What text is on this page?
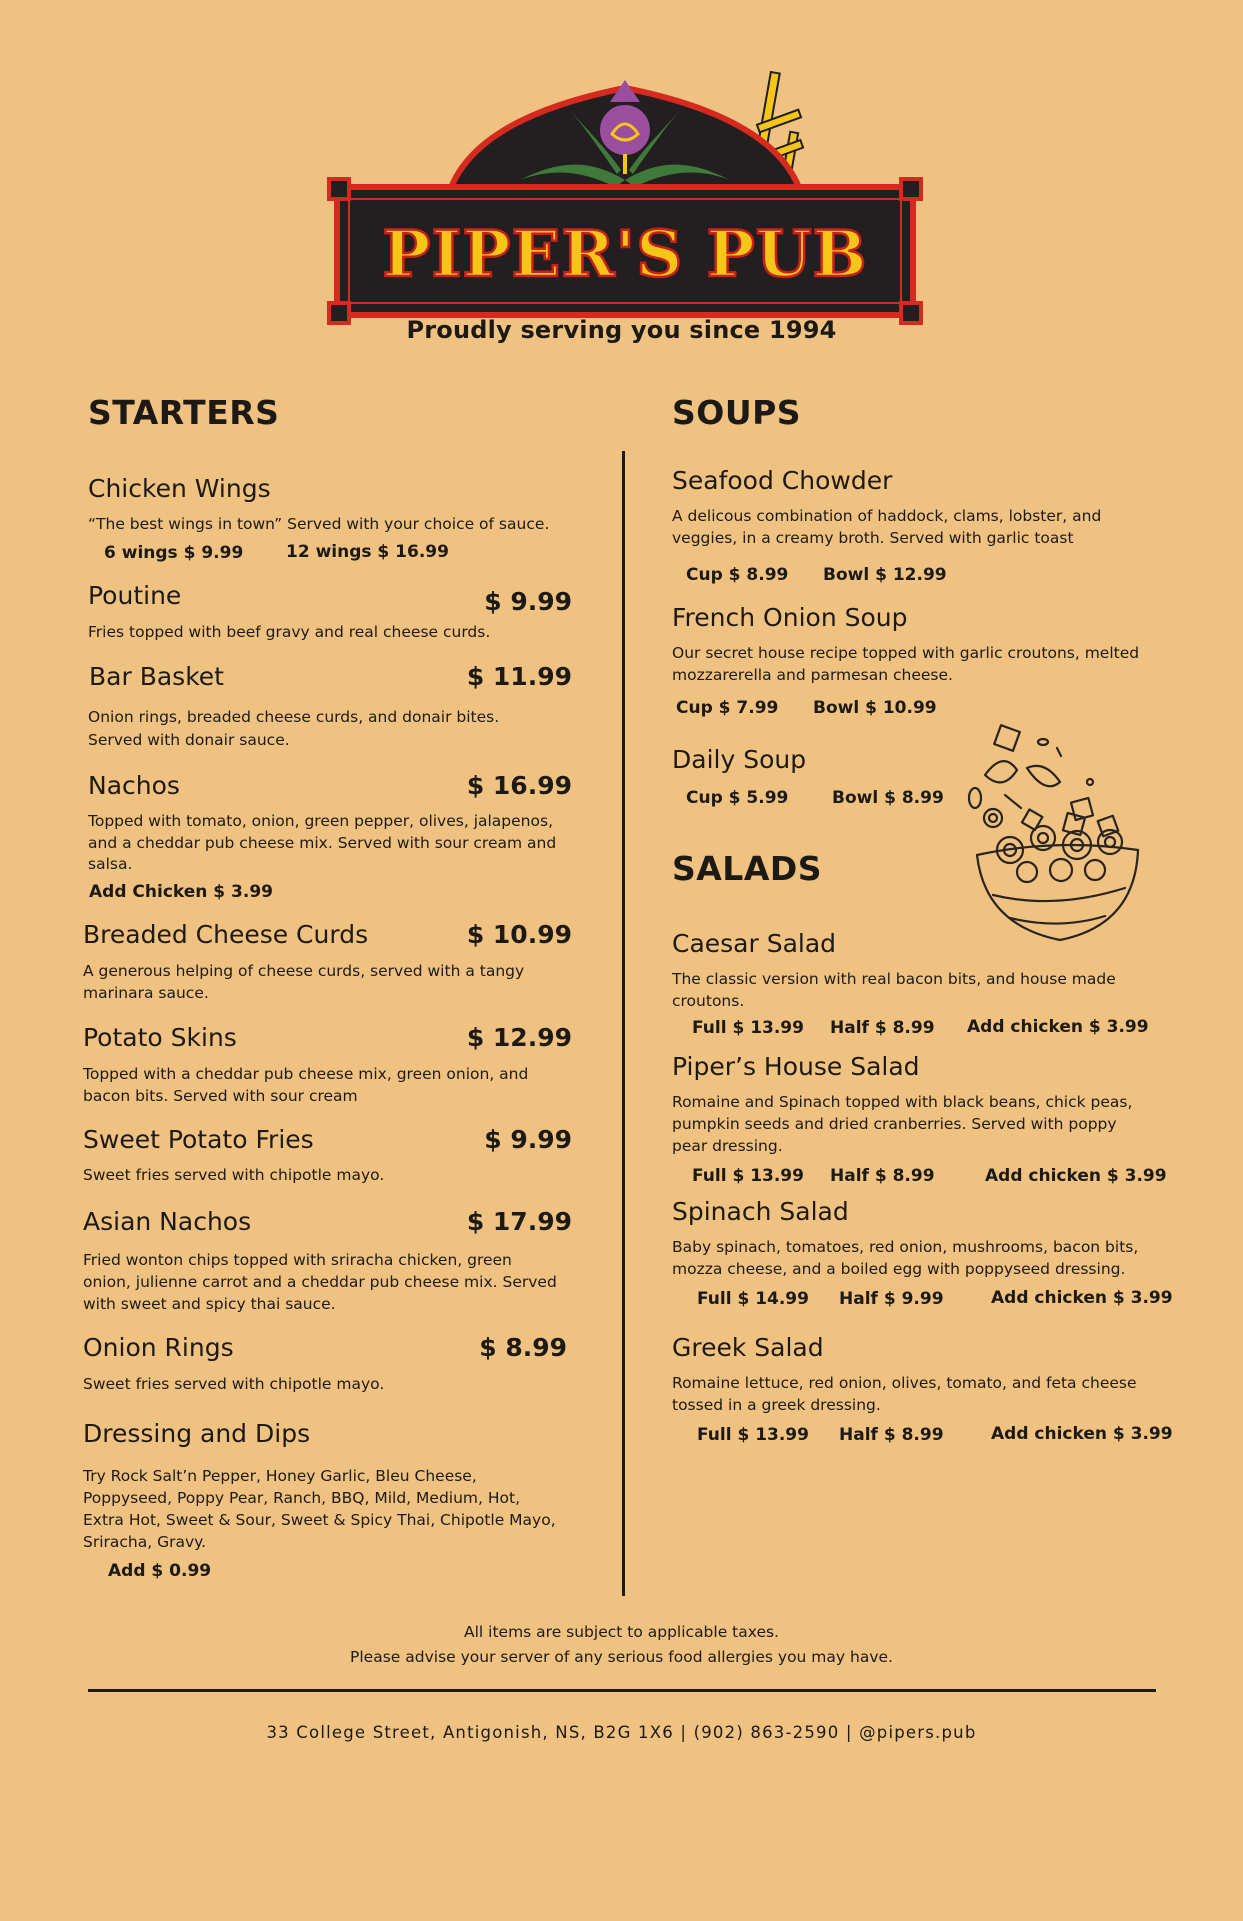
PIPER'S PUB
Proudly serving you since 1994
STARTERS	SOUPS
SALADS
Chicken Wings
“The best wings in town” Served with your choice of sauce.
6 wings $ 9.99	12 wings $ 16.99
Poutine	$ 9.99
Fries topped with beef gravy and real cheese curds.
Bar Basket	$ 11.99
Onion rings, breaded cheese curds, and donair bites.
Served with donair sauce.
Nachos	$ 16.99
Topped with tomato, onion, green pepper, olives, jalapenos,
and a cheddar pub cheese mix. Served with sour cream and
salsa.
Add Chicken $ 3.99
Breaded Cheese Curds	$ 10.99
A generous helping of cheese curds, served with a tangy
marinara sauce.
Potato Skins	$ 12.99
Topped with a cheddar pub cheese mix, green onion, and
bacon bits. Served with sour cream
Sweet Potato Fries	$ 9.99
Sweet fries served with chipotle mayo.
Asian Nachos	$ 17.99
Fried wonton chips topped with sriracha chicken, green
onion, julienne carrot and a cheddar pub cheese mix. Served
with sweet and spicy thai sauce.
Onion Rings	$ 8.99
Sweet fries served with chipotle mayo.
Dressing and Dips
Try Rock Salt’n Pepper, Honey Garlic, Bleu Cheese,
Poppyseed, Poppy Pear, Ranch, BBQ, Mild, Medium, Hot,
Extra Hot, Sweet & Sour, Sweet & Spicy Thai, Chipotle Mayo,
Sriracha, Gravy.
Add $ 0.99
Seafood Chowder
A delicous combination of haddock, clams, lobster, and
veggies, in a creamy broth. Served with garlic toast
Cup $ 8.99 Bowl $ 12.99
French Onion Soup
Our secret house recipe topped with garlic croutons, melted
mozzarerella and parmesan cheese.
Cup $ 7.99 Bowl $ 10.99
Daily Soup
Cup $ 5.99	Bowl $ 8.99
Caesar Salad
The classic version with real bacon bits, and house made
croutons.
Full $ 13.99 Half $ 8.99 Add chicken $ 3.99
Piper’s House Salad
Romaine and Spinach topped with black beans, chick peas,
pumpkin seeds and dried cranberries. Served with poppy
pear dressing.
Full $ 13.99 Half $ 8.99	Add chicken $ 3.99
Spinach Salad
Baby spinach, tomatoes, red onion, mushrooms, bacon bits,
mozza cheese, and a boiled egg with poppyseed dressing.
Full $ 14.99 Half $ 9.99	Add chicken $ 3.99
Greek Salad
Romaine lettuce, red onion, olives, tomato, and feta cheese
tossed in a greek dressing.
Full $ 13.99 Half $ 8.99	Add chicken $ 3.99
All items are subject to applicable taxes.
Please advise your server of any serious food allergies you may have.
33 College Street, Antigonish, NS, B2G 1X6 | (902) 863-2590 | @pipers.pub
